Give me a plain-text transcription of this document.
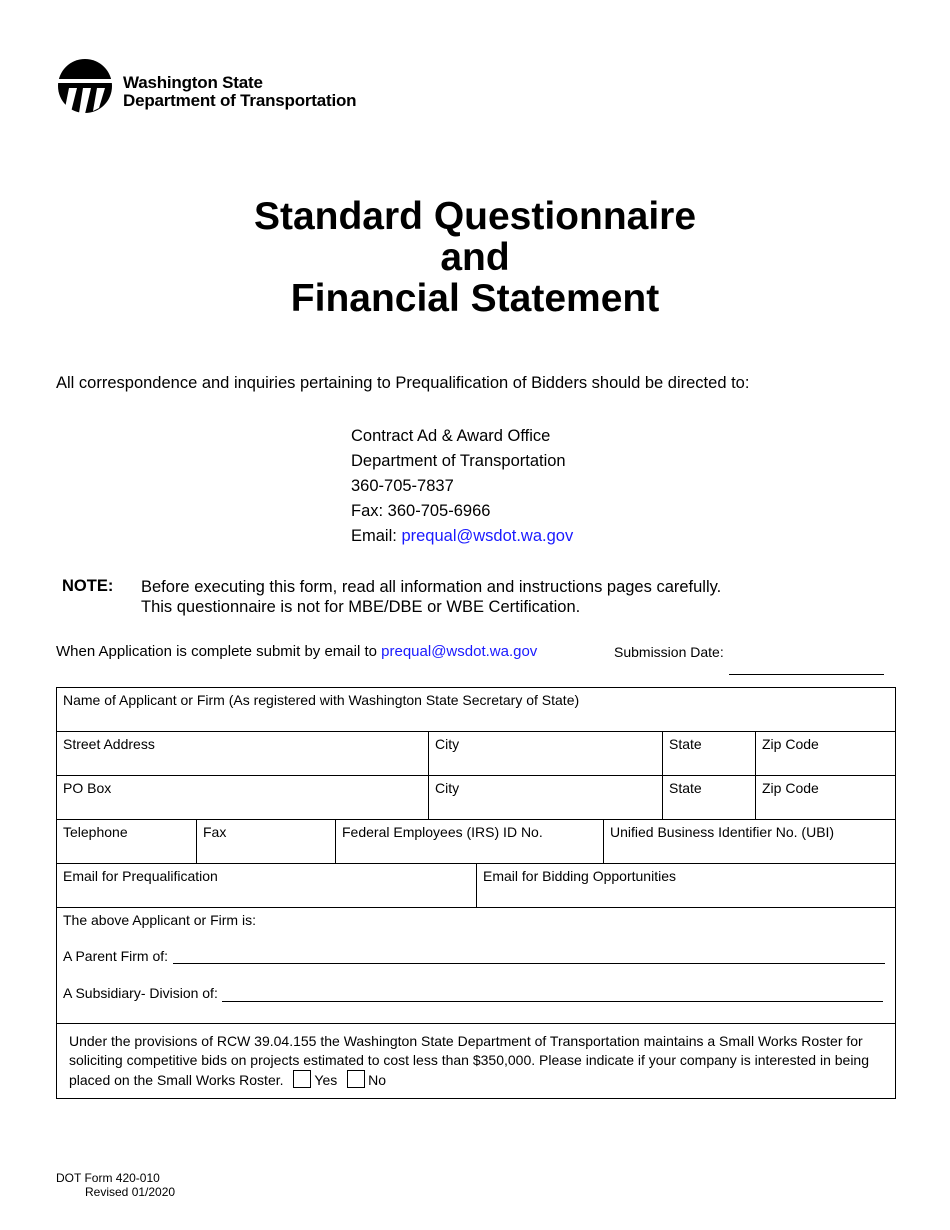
Washington State
Department of Transportation
Standard Questionnaire
and
Financial Statement
All correspondence and inquiries pertaining to Prequalification of Bidders should be directed to:
Contract Ad & Award Office
Department of Transportation
360-705-7837
Fax: 360-705-6966
Email: prequal@wsdot.wa.gov
NOTE: Before executing this form, read all information and instructions pages carefully.
This questionnaire is not for MBE/DBE or WBE Certification.
When Application is complete submit by email to prequal@wsdot.wa.gov	Submission Date:
Name of Applicant or Firm (As registered with Washington State Secretary of State)
Street Address	City	State	Zip Code
PO Box	City	State	Zip Code
Telephone	Fax	Federal Employees (IRS) ID No.	Unified Business Identifier No. (UBI)
Email for Prequalification	Email for Bidding Opportunities
The above Applicant or Firm is:
A Parent Firm of:
A Subsidiary- Division of:
Under the provisions of RCW 39.04.155 the Washington State Department of Transportation maintains a Small Works Roster for soliciting competitive bids on projects estimated to cost less than $350,000. Please indicate if your company is interested in being placed on the Small Works Roster. Yes No
DOT Form 420-010
Revised 01/2020
